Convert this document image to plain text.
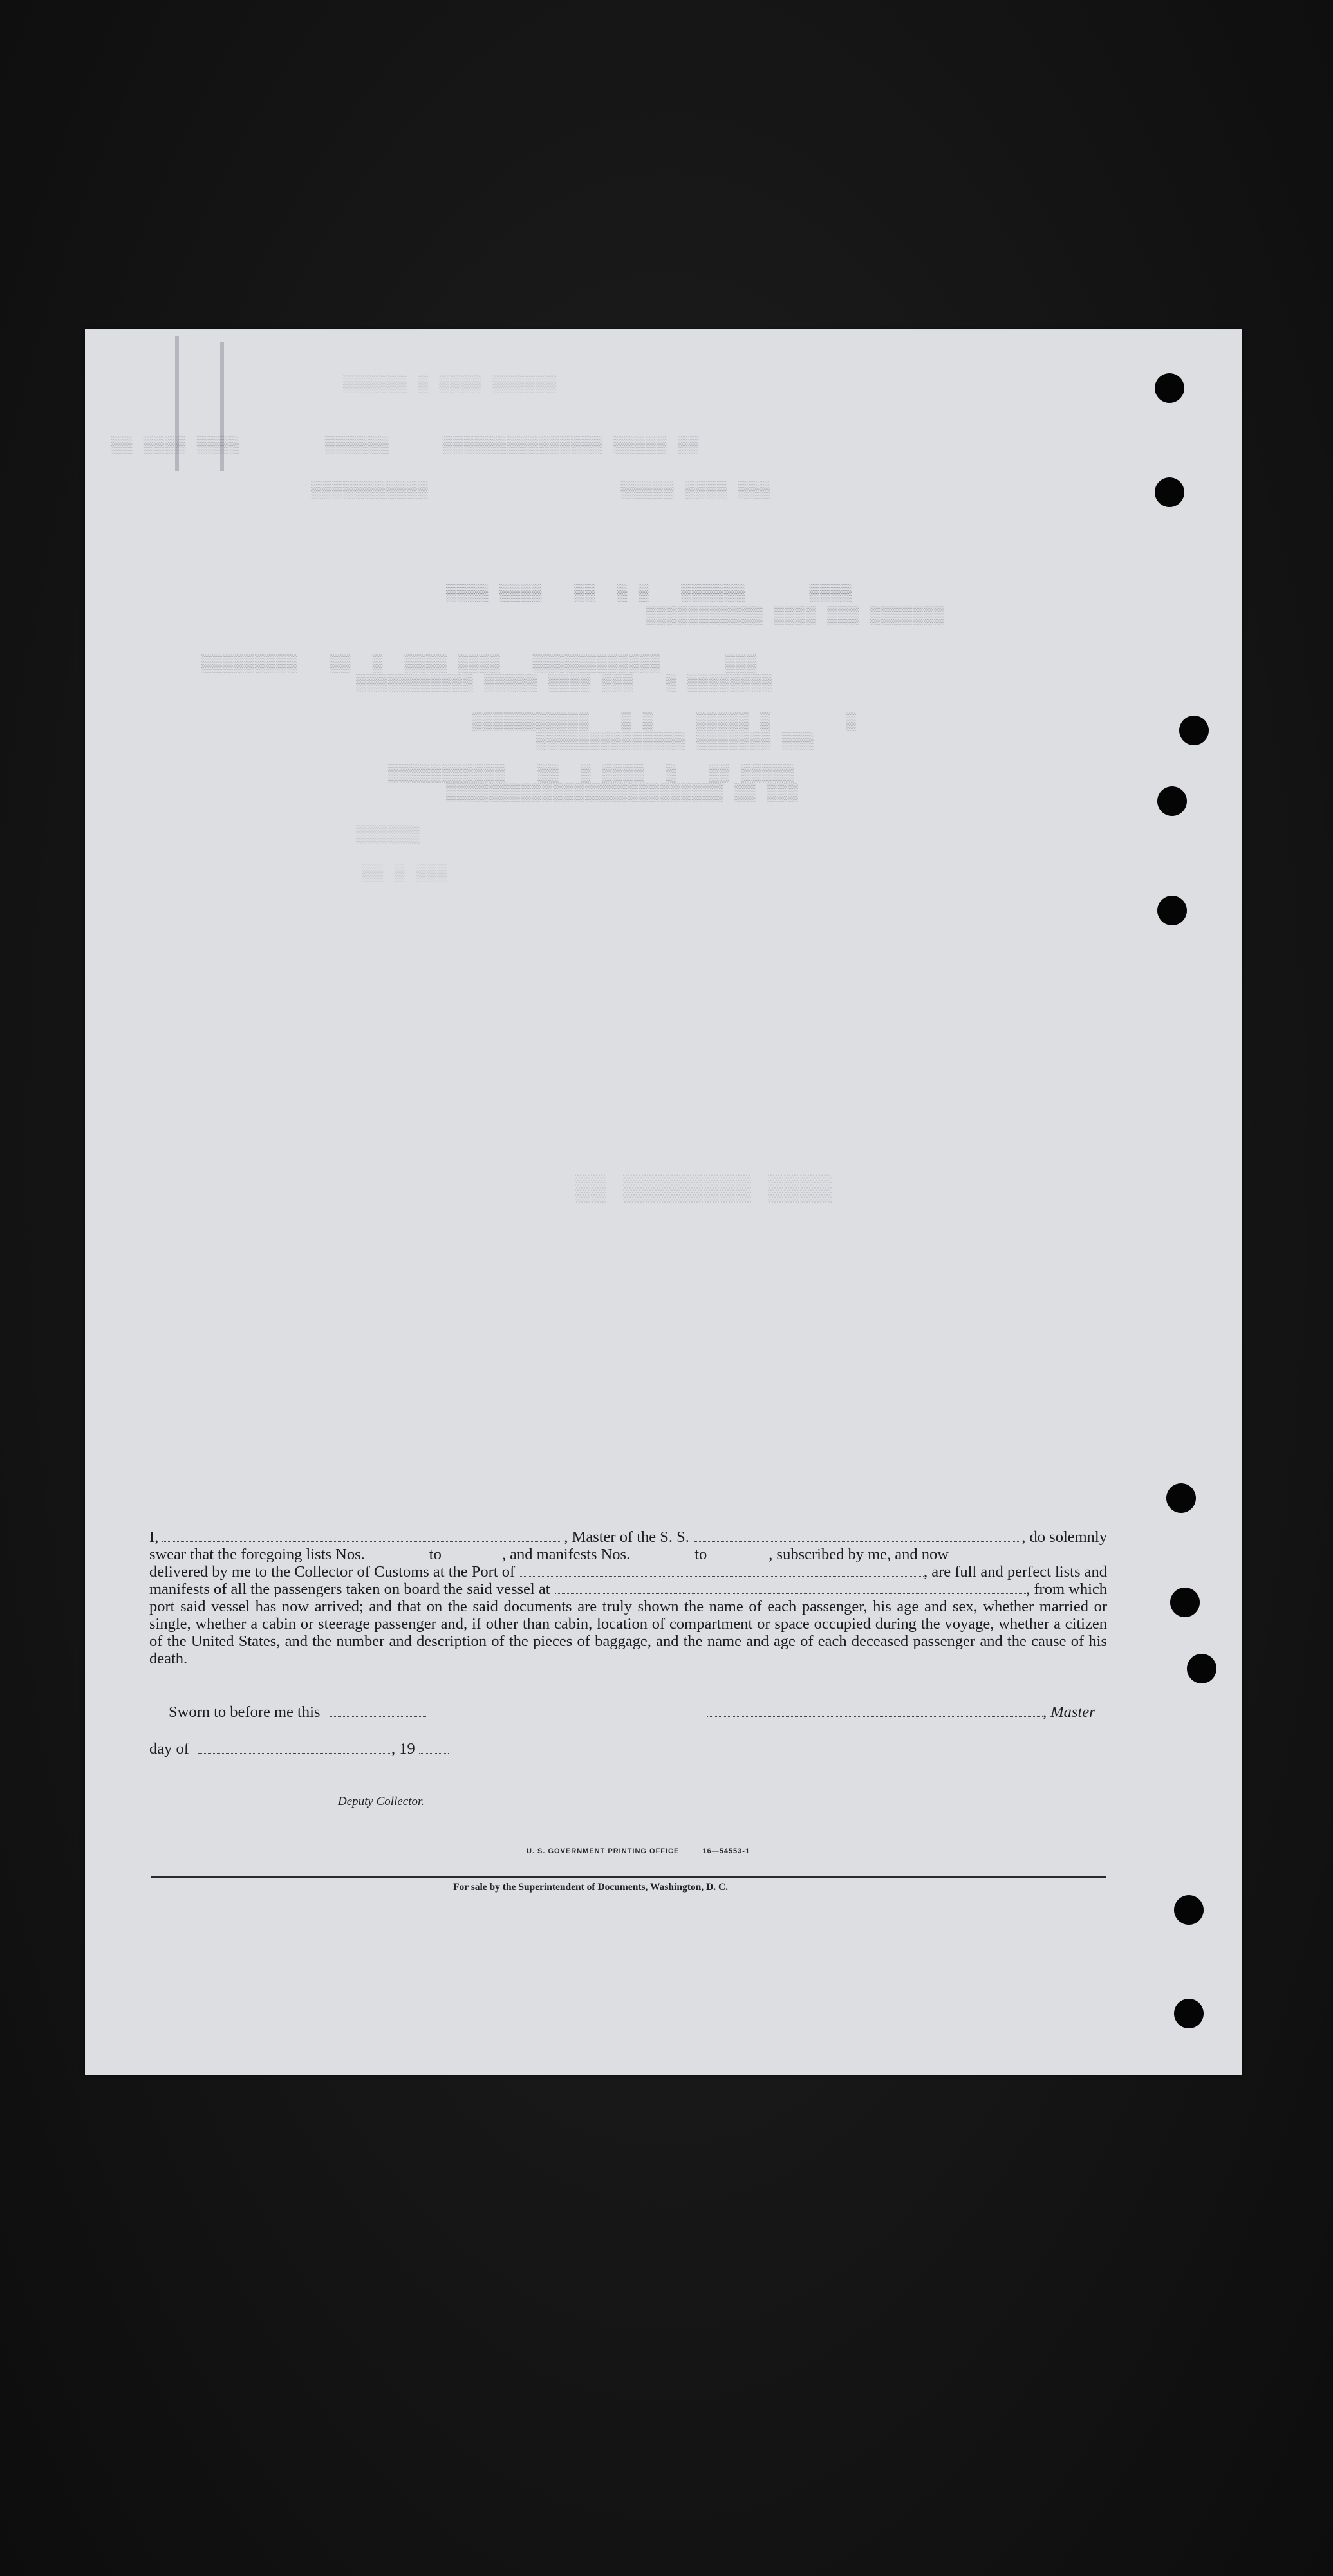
▒▒▒▒▒▒ ▒▒▒▒ ▒ ▒▒▒▒▒▒
▒▒ ▒▒▒▒▒ ▒▒▒▒▒▒▒▒▒▒▒▒▒▒▒     ▒▒▒▒▒▒        ▒▒▒▒ ▒▒▒▒ ▒▒
▒▒▒ ▒▒▒▒ ▒▒▒▒▒                  ▒▒▒▒▒▒▒▒▒▒▒
▒▒▒▒      ▒▒▒▒▒▒   ▒ ▒  ▒▒   ▒▒▒▒ ▒▒▒▒
▒▒▒▒▒▒▒ ▒▒▒ ▒▒▒▒ ▒▒▒▒▒▒▒▒▒▒▒
▒▒▒      ▒▒▒▒▒▒▒▒▒▒▒▒   ▒▒▒▒ ▒▒▒▒  ▒  ▒▒   ▒▒▒▒▒▒▒▒▒
▒▒▒▒▒▒▒▒ ▒   ▒▒▒ ▒▒▒▒ ▒▒▒▒▒ ▒▒▒▒▒▒▒▒▒▒▒
▒       ▒ ▒▒▒▒▒    ▒ ▒   ▒▒▒▒▒▒▒▒▒▒▒
▒▒▒ ▒▒▒▒▒▒▒ ▒▒▒▒▒▒▒▒▒▒▒▒▒▒
▒▒▒▒▒ ▒▒   ▒  ▒▒▒▒ ▒  ▒▒   ▒▒▒▒▒▒▒▒▒▒▒
▒▒▒ ▒▒ ▒▒▒▒▒▒▒▒▒▒▒▒▒▒▒▒▒▒▒▒▒▒▒▒▒▒
▒▒▒▒▒▒
▒▒▒ ▒ ▒▒
▒▒▒▒ ▒▒▒▒▒▒▒▒ ▒▒
I,	, Master of the S. S.	, do solemnly
swear that the foregoing lists Nos.	to	, and manifests Nos.	to	, subscribed by me, and now
delivered by me to the Collector of Customs at the Port of	, are full and perfect lists and
manifests of all the passengers taken on board the said vessel at	, from which
port said vessel has now arrived; and that on the said documents are truly shown the name of each passenger, his age and sex, whether married or single, whether a cabin or steerage passenger and, if other than cabin, location of compartment or space occupied during the voyage, whether a citizen of the United States, and the number and description of the pieces of baggage, and the name and age of each deceased passenger and the cause of his death.
Sworn to before me this	, Master
day of	, 19
Deputy Collector.
U. S. GOVERNMENT PRINTING OFFICE	16—54553-1
For sale by the Superintendent of Documents, Washington, D. C.
